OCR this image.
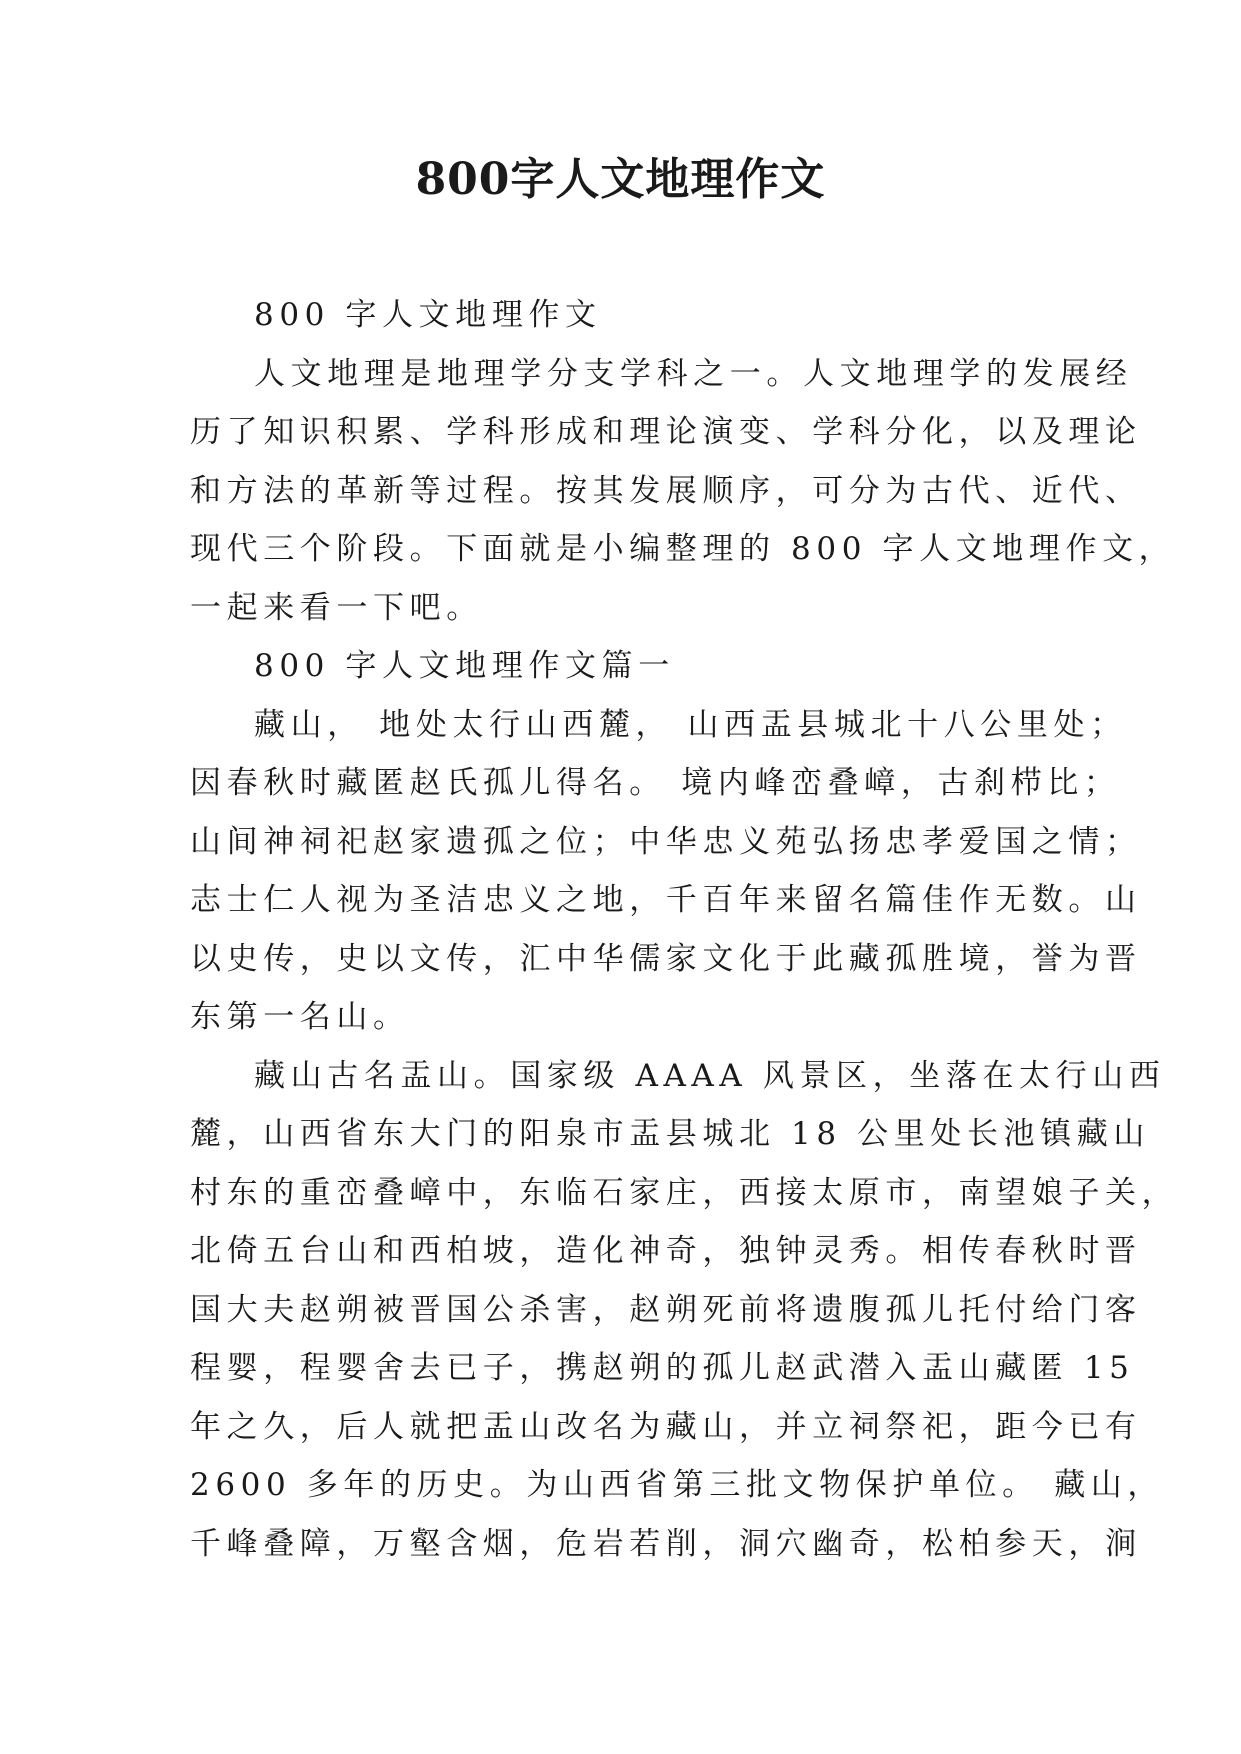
800字人文地理作文
800 字人文地理作文
人文地理是地理学分支学科之一。人文地理学的发展经
历了知识积累、学科形成和理论演变、学科分化，以及理论
和方法的革新等过程。按其发展顺序，可分为古代、近代、
现代三个阶段。下面就是小编整理的 800 字人文地理作文，
一起来看一下吧。
800 字人文地理作文篇一
藏山， 地处太行山西麓， 山西盂县城北十八公里处；
因春秋时藏匿赵氏孤儿得名。 境内峰峦叠嶂，古刹栉比；
山间神祠祀赵家遗孤之位；中华忠义苑弘扬忠孝爱国之情；
志士仁人视为圣洁忠义之地，千百年来留名篇佳作无数。山
以史传，史以文传，汇中华儒家文化于此藏孤胜境，誉为晋
东第一名山。
藏山古名盂山。国家级 AAAA 风景区，坐落在太行山西
麓，山西省东大门的阳泉市盂县城北 18 公里处长池镇藏山
村东的重峦叠嶂中，东临石家庄，西接太原市，南望娘子关，
北倚五台山和西柏坡，造化神奇，独钟灵秀。相传春秋时晋
国大夫赵朔被晋国公杀害，赵朔死前将遗腹孤儿托付给门客
程婴，程婴舍去已子，携赵朔的孤儿赵武潜入盂山藏匿 15
年之久，后人就把盂山改名为藏山，并立祠祭祀，距今已有
2600 多年的历史。为山西省第三批文物保护单位。 藏山，
千峰叠障，万壑含烟，危岩若削，洞穴幽奇，松柏参天，涧
